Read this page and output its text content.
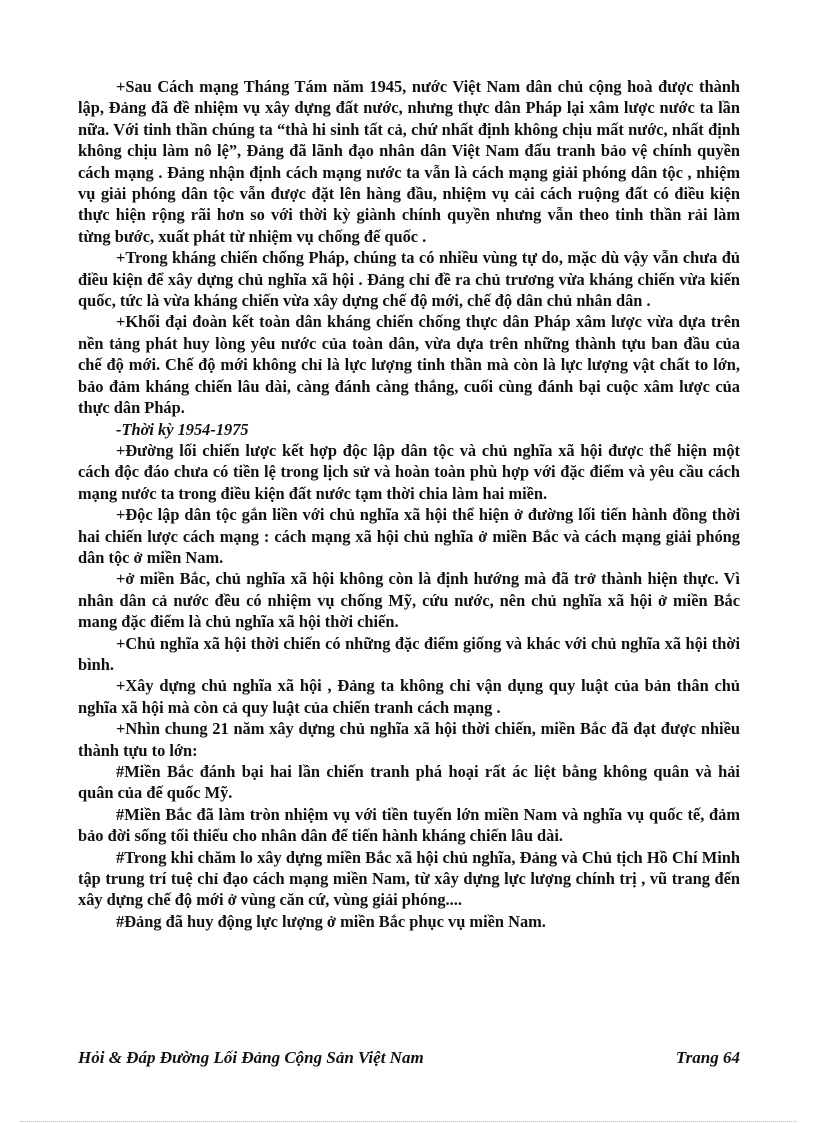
+Sau Cách mạng Tháng Tám năm 1945, nước Việt Nam dân chủ cộng hoà được thành lập, Đảng đã đề nhiệm vụ xây dựng đất nước, nhưng thực dân Pháp lại xâm lược nước ta lần nữa. Với tinh thần chúng ta “thà hi sinh tất cả, chứ nhất định không chịu mất nước, nhất định không chịu làm nô lệ”, Đảng đã lãnh đạo nhân dân Việt Nam đấu tranh bảo vệ chính quyền cách mạng . Đảng nhận định cách mạng nước ta vẫn là cách mạng giải phóng dân tộc , nhiệm vụ giải phóng dân tộc vẫn được đặt lên hàng đầu, nhiệm vụ cải cách ruộng đất có điều kiện thực hiện rộng rãi hơn so với thời kỳ giành chính quyền nhưng vẫn theo tinh thần rải làm từng bước, xuất phát từ nhiệm vụ chống đế quốc .

+Trong kháng chiến chống Pháp, chúng ta có nhiều vùng tự do, mặc dù vậy vẫn chưa đủ điều kiện để xây dựng chủ nghĩa xã hội . Đảng chỉ đề ra chủ trương vừa kháng chiến vừa kiến quốc, tức là vừa kháng chiến vừa xây dựng chế độ mới, chế độ dân chủ nhân dân .

+Khối đại đoàn kết toàn dân kháng chiến chống thực dân Pháp xâm lược vừa dựa trên nền tảng phát huy lòng yêu nước của toàn dân, vừa dựa trên những thành tựu ban đầu của chế độ mới. Chế độ mới không chỉ là lực lượng tinh thần mà còn là lực lượng vật chất to lớn, bảo đảm kháng chiến lâu dài, càng đánh càng thắng, cuối cùng đánh bại cuộc xâm lược của thực dân Pháp.

-Thời kỳ 1954-1975

+Đường lối chiến lược kết hợp độc lập dân tộc và chủ nghĩa xã hội được thể hiện một cách độc đáo chưa có tiền lệ trong lịch sử và hoàn toàn phù hợp với đặc điểm và yêu cầu cách mạng nước ta trong điều kiện đất nước tạm thời chia làm hai miền.

+Độc lập dân tộc gắn liền với chủ nghĩa xã hội thể hiện ở đường lối tiến hành đồng thời hai chiến lược cách mạng : cách mạng xã hội chủ nghĩa ở miền Bắc và cách mạng giải phóng dân tộc ở miền Nam.

+ở miền Bắc, chủ nghĩa xã hội không còn là định hướng mà đã trở thành hiện thực. Vì nhân dân cả nước đều có nhiệm vụ chống Mỹ, cứu nước, nên chủ nghĩa xã hội ở miền Bắc mang đặc điểm là chủ nghĩa xã hội thời chiến.

+Chủ nghĩa xã hội thời chiến có những đặc điểm giống và khác với chủ nghĩa xã hội thời bình.

+Xây dựng chủ nghĩa xã hội , Đảng ta không chỉ vận dụng quy luật của bản thân chủ nghĩa xã hội mà còn cả quy luật của chiến tranh cách mạng .

+Nhìn chung 21 năm xây dựng chủ nghĩa xã hội thời chiến, miền Bắc đã đạt được nhiều thành tựu to lớn:

#Miền Bắc đánh bại hai lần chiến tranh phá hoại rất ác liệt bằng không quân và hải quân của đế quốc Mỹ.

#Miền Bắc đã làm tròn nhiệm vụ với tiền tuyến lớn miền Nam và nghĩa vụ quốc tế, đảm bảo đời sống tối thiểu cho nhân dân để tiến hành kháng chiến lâu dài.

#Trong khi chăm lo xây dựng miền Bắc xã hội chủ nghĩa, Đảng và Chủ tịch Hồ Chí Minh tập trung trí tuệ chỉ đạo cách mạng miền Nam, từ xây dựng lực lượng chính trị , vũ trang đến xây dựng chế độ mới ở vùng căn cứ, vùng giải phóng....

#Đảng đã huy động lực lượng ở miền Bắc phục vụ miền Nam.

Hỏi & Đáp Đường Lối Đảng Cộng Sản Việt Nam	Trang 64
